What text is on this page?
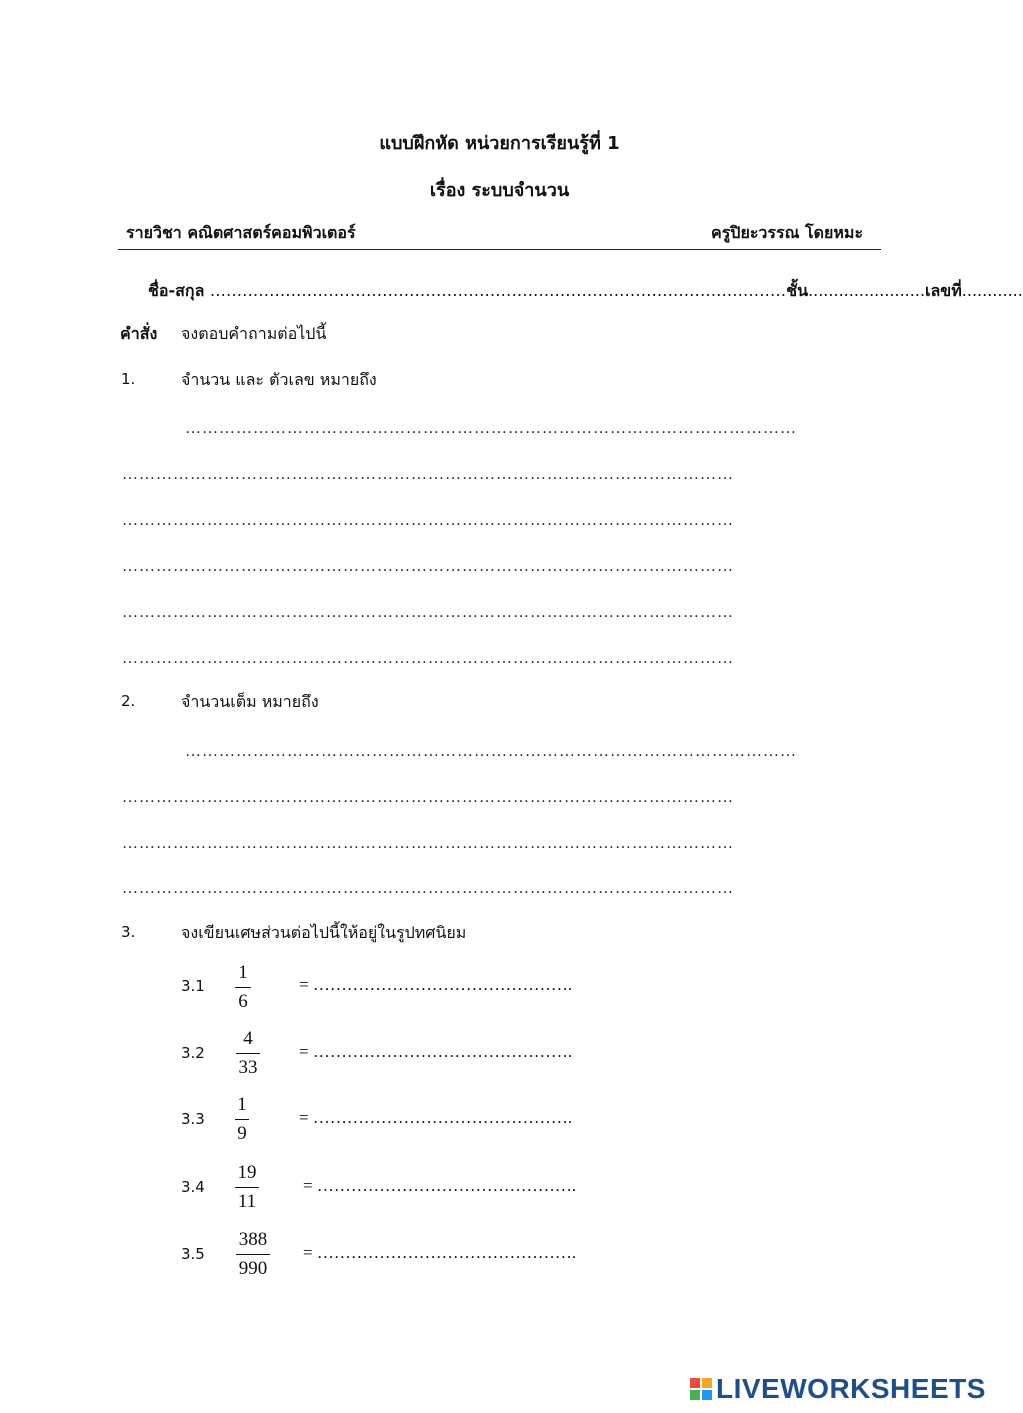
แบบฝึกหัด หน่วยการเรียนรู้ที่ 1
เรื่อง ระบบจำนวน
รายวิชา คณิตศาสตร์คอมพิวเตอร์	ครูปิยะวรรณ โดยหมะ
ชื่อ-สกุล ...........................................................................................................ชั้น.......................เลขที่............
คำสั่ง จงตอบคำถามต่อไปนี้
1.	จำนวน และ ตัวเลข หมายถึง
………………………………………………………………………………………………
………………………………………………………………………………………………
………………………………………………………………………………………………
………………………………………………………………………………………………
………………………………………………………………………………………………
………………………………………………………………………………………………
2.	จำนวนเต็ม หมายถึง
………………………………………………………………………………………………
………………………………………………………………………………………………
………………………………………………………………………………………………
………………………………………………………………………………………………
3.	จงเขียนเศษส่วนต่อไปนี้ให้อยู่ในรูปทศนิยม
3.1
1
6
= ……………………………………….
3.2
4
33
= ……………………………………….
3.3
1
9
= ……………………………………….
3.4
19
11
= ……………………………………….
3.5
388
990
= ……………………………………….
LIVEWORKSHEETS
